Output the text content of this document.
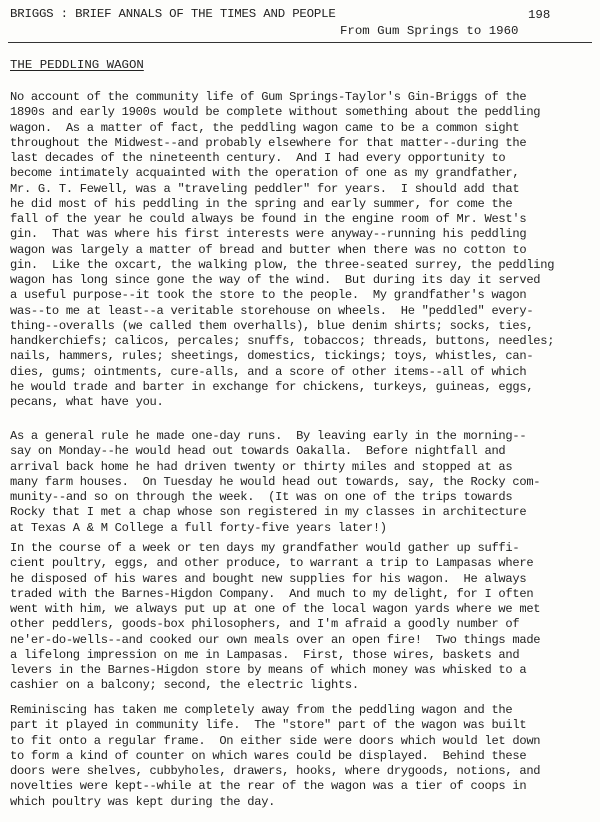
BRIGGS : BRIEF ANNALS OF THE TIMES AND PEOPLE	198
From Gum Springs to 1960
THE PEDDLING WAGON
No account of the community life of Gum Springs-Taylor's Gin-Briggs of the
1890s and early 1900s would be complete without something about the peddling
wagon.  As a matter of fact, the peddling wagon came to be a common sight
throughout the Midwest--and probably elsewhere for that matter--during the
last decades of the nineteenth century.  And I had every opportunity to
become intimately acquainted with the operation of one as my grandfather,
Mr. G. T. Fewell, was a "traveling peddler" for years.  I should add that
he did most of his peddling in the spring and early summer, for come the
fall of the year he could always be found in the engine room of Mr. West's
gin.  That was where his first interests were anyway--running his peddling
wagon was largely a matter of bread and butter when there was no cotton to
gin.  Like the oxcart, the walking plow, the three-seated surrey, the peddling
wagon has long since gone the way of the wind.  But during its day it served
a useful purpose--it took the store to the people.  My grandfather's wagon
was--to me at least--a veritable storehouse on wheels.  He "peddled" every-
thing--overalls (we called them overhalls), blue denim shirts; socks, ties,
handkerchiefs; calicos, percales; snuffs, tobaccos; threads, buttons, needles;
nails, hammers, rules; sheetings, domestics, tickings; toys, whistles, can-
dies, gums; ointments, cure-alls, and a score of other items--all of which
he would trade and barter in exchange for chickens, turkeys, guineas, eggs,
pecans, what have you.
As a general rule he made one-day runs.  By leaving early in the morning--
say on Monday--he would head out towards Oakalla.  Before nightfall and
arrival back home he had driven twenty or thirty miles and stopped at as
many farm houses.  On Tuesday he would head out towards, say, the Rocky com-
munity--and so on through the week.  (It was on one of the trips towards
Rocky that I met a chap whose son registered in my classes in architecture
at Texas A & M College a full forty-five years later!)
In the course of a week or ten days my grandfather would gather up suffi-
cient poultry, eggs, and other produce, to warrant a trip to Lampasas where
he disposed of his wares and bought new supplies for his wagon.  He always
traded with the Barnes-Higdon Company.  And much to my delight, for I often
went with him, we always put up at one of the local wagon yards where we met
other peddlers, goods-box philosophers, and I'm afraid a goodly number of
ne'er-do-wells--and cooked our own meals over an open fire!  Two things made
a lifelong impression on me in Lampasas.  First, those wires, baskets and
levers in the Barnes-Higdon store by means of which money was whisked to a
cashier on a balcony; second, the electric lights.
Reminiscing has taken me completely away from the peddling wagon and the
part it played in community life.  The "store" part of the wagon was built
to fit onto a regular frame.  On either side were doors which would let down
to form a kind of counter on which wares could be displayed.  Behind these
doors were shelves, cubbyholes, drawers, hooks, where drygoods, notions, and
novelties were kept--while at the rear of the wagon was a tier of coops in
which poultry was kept during the day.
